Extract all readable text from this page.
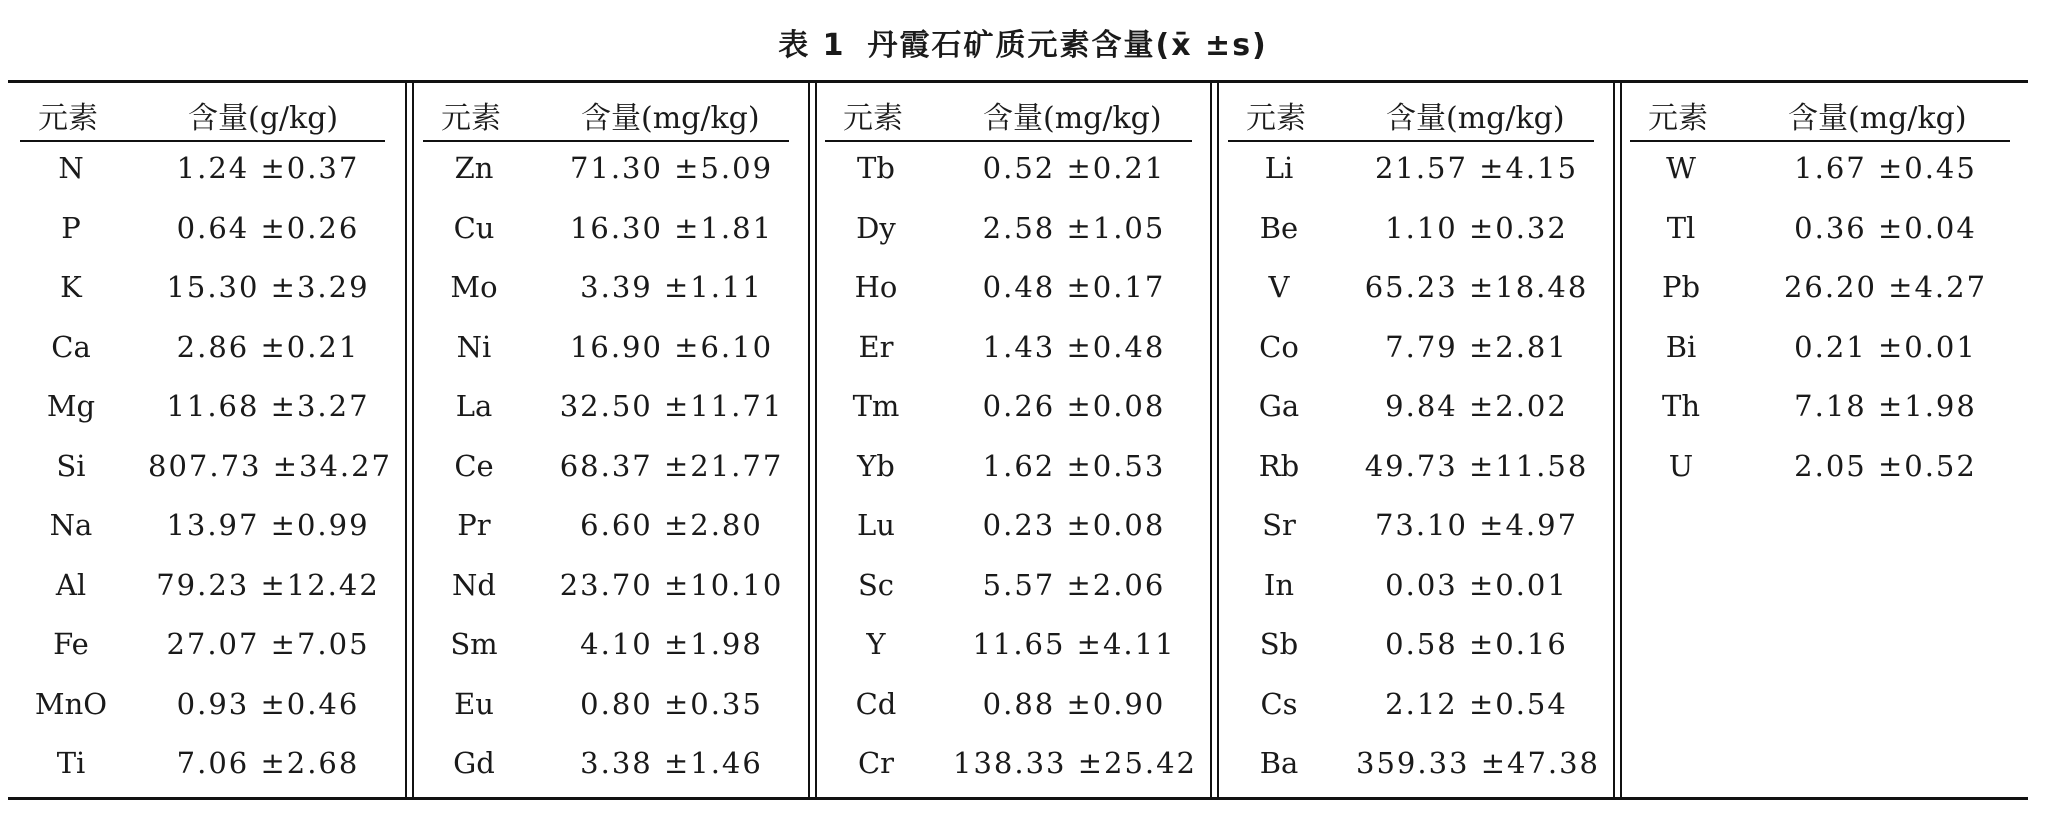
表 1 丹霞石矿质元素含量(x̄ ±s)
元素	含量(g/kg)
N	1.24 ±0.37
P	0.64 ±0.26
K	15.30 ±3.29
Ca	2.86 ±0.21
Mg	11.68 ±3.27
Si	807.73 ±34.27
Na	13.97 ±0.99
Al	79.23 ±12.42
Fe	27.07 ±7.05
MnO	0.93 ±0.46
Ti	7.06 ±2.68
元素	含量(mg/kg)
Zn	71.30 ±5.09
Cu	16.30 ±1.81
Mo	3.39 ±1.11
Ni	16.90 ±6.10
La	32.50 ±11.71
Ce	68.37 ±21.77
Pr	6.60 ±2.80
Nd	23.70 ±10.10
Sm	4.10 ±1.98
Eu	0.80 ±0.35
Gd	3.38 ±1.46
元素	含量(mg/kg)
Tb	0.52 ±0.21
Dy	2.58 ±1.05
Ho	0.48 ±0.17
Er	1.43 ±0.48
Tm	0.26 ±0.08
Yb	1.62 ±0.53
Lu	0.23 ±0.08
Sc	5.57 ±2.06
Y	11.65 ±4.11
Cd	0.88 ±0.90
Cr	138.33 ±25.42
元素	含量(mg/kg)
Li	21.57 ±4.15
Be	1.10 ±0.32
V	65.23 ±18.48
Co	7.79 ±2.81
Ga	9.84 ±2.02
Rb	49.73 ±11.58
Sr	73.10 ±4.97
In	0.03 ±0.01
Sb	0.58 ±0.16
Cs	2.12 ±0.54
Ba	359.33 ±47.38
元素	含量(mg/kg)
W	1.67 ±0.45
Tl	0.36 ±0.04
Pb	26.20 ±4.27
Bi	0.21 ±0.01
Th	7.18 ±1.98
U	2.05 ±0.52
